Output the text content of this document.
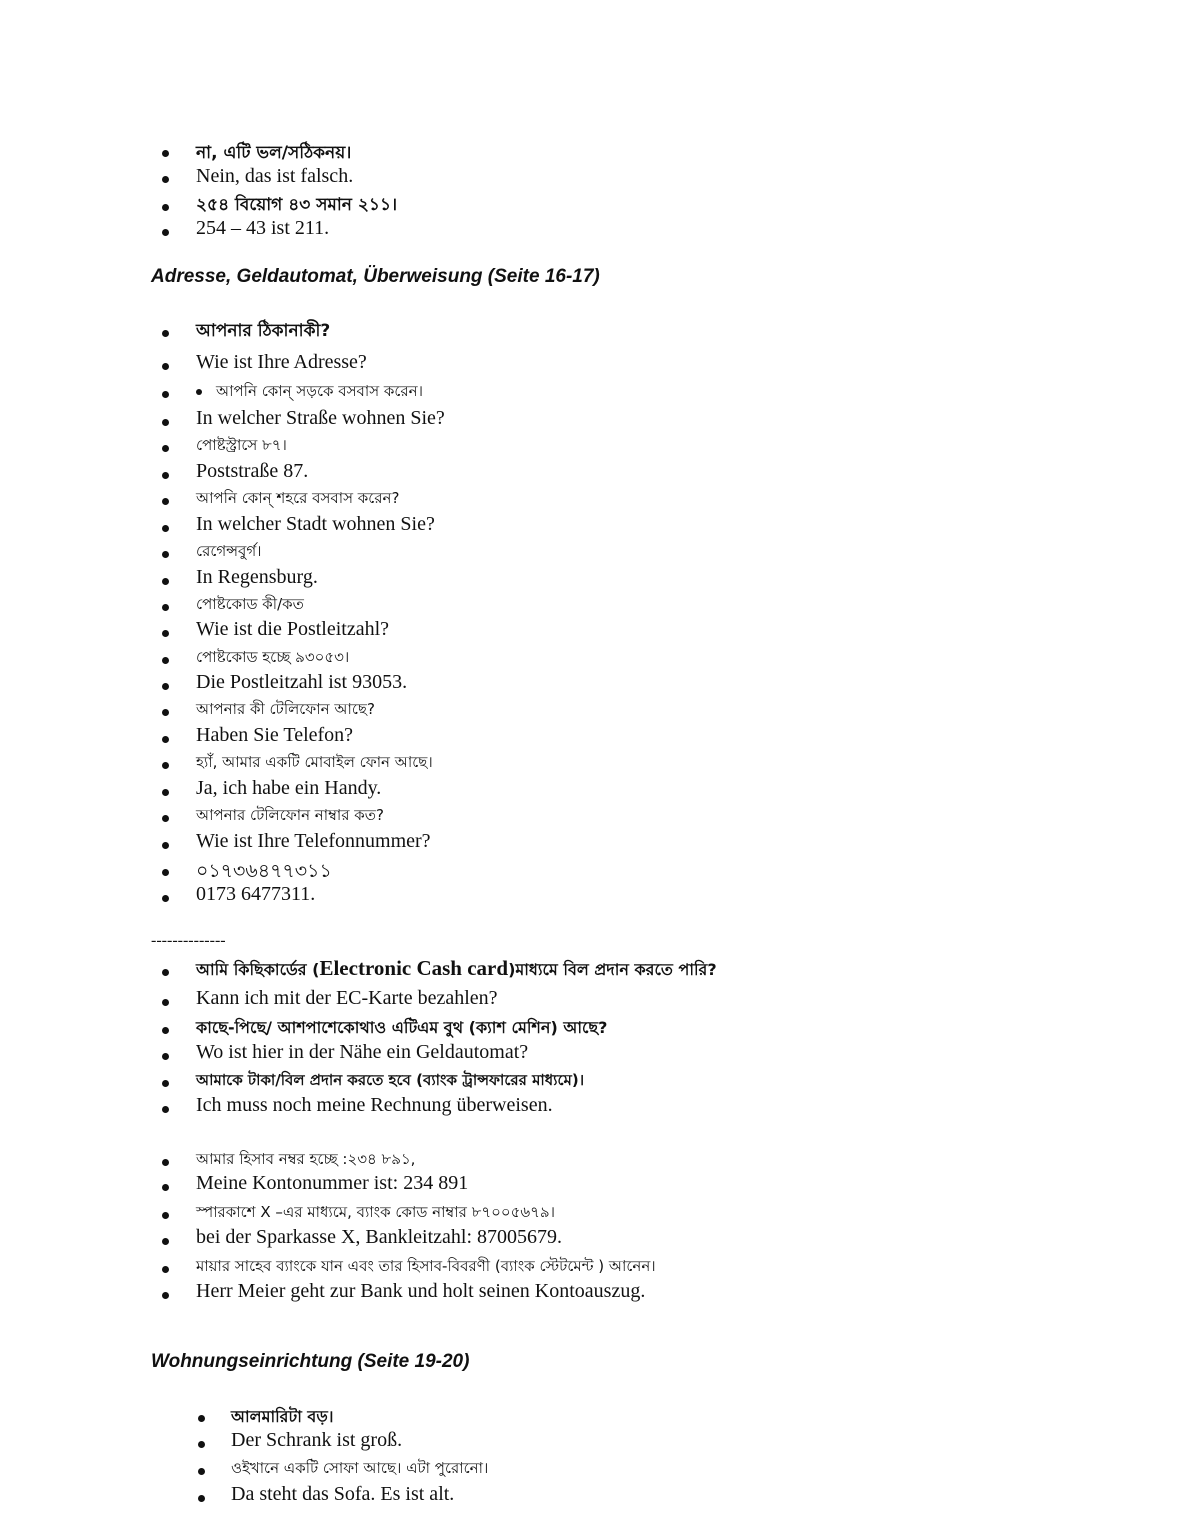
না, এটি ভল/সঠিকনয়।
Nein, das ist falsch.
২৫৪ বিয়োগ ৪৩ সমান ২১১।
254 – 43 ist 211.
Adresse, Geldautomat, Überweisung (Seite 16-17)
আপনার ঠিকানাকী?
Wie ist Ihre Adresse?
আপনি কোন্ সড়কে বসবাস করেন।
In welcher Straße wohnen Sie?
পোষ্টস্ট্রাসে ৮৭।
Poststraße 87.
আপনি কোন্ শহরে বসবাস করেন?
In welcher Stadt wohnen Sie?
রেগেন্সবুর্গ।
In Regensburg.
পোষ্টকোড কী/কত
Wie ist die Postleitzahl?
পোষ্টকোড হচ্ছে ৯৩০৫৩।
Die Postleitzahl ist 93053.
আপনার কী টেলিফোন আছে?
Haben Sie Telefon?
হ্যাঁ, আমার একটি মোবাইল ফোন আছে।
Ja, ich habe ein Handy.
আপনার টেলিফোন নাম্বার কত?
Wie ist Ihre Telefonnummer?
০১৭৩৬৪৭৭৩১১
0173 6477311.
--------------
আমি কিছিকার্ডের (Electronic Cash card)মাধ্যমে বিল প্রদান করতে পারি?
Kann ich mit der EC-Karte bezahlen?
কাছে-পিছে/ আশপাশেকোথাও এটিএম বুথ (ক্যাশ মেশিন) আছে?
Wo ist hier in der Nähe ein Geldautomat?
আমাকে টাকা/বিল প্রদান করতে হবে (ব্যাংক ট্রান্সফারের মাধ্যমে)।
Ich muss noch meine Rechnung überweisen.
আমার হিসাব নম্বর হচ্ছে :২৩৪ ৮৯১,
Meine Kontonummer ist: 234 891
স্পারকাশে X –এর মাধ্যমে, ব্যাংক কোড নাম্বার ৮৭০০৫৬৭৯।
bei der Sparkasse X, Bankleitzahl: 87005679.
মায়ার সাহেব ব্যাংকে যান এবং তার হিসাব-বিবরণী (ব্যাংক স্টেটমেন্ট ) আনেন।
Herr Meier geht zur Bank und holt seinen Kontoauszug.
Wohnungseinrichtung (Seite 19-20)
আলমারিটা বড়।
Der Schrank ist groß.
ওইখানে একটি সোফা আছে। এটা পুরোনো।
Da steht das Sofa. Es ist alt.
